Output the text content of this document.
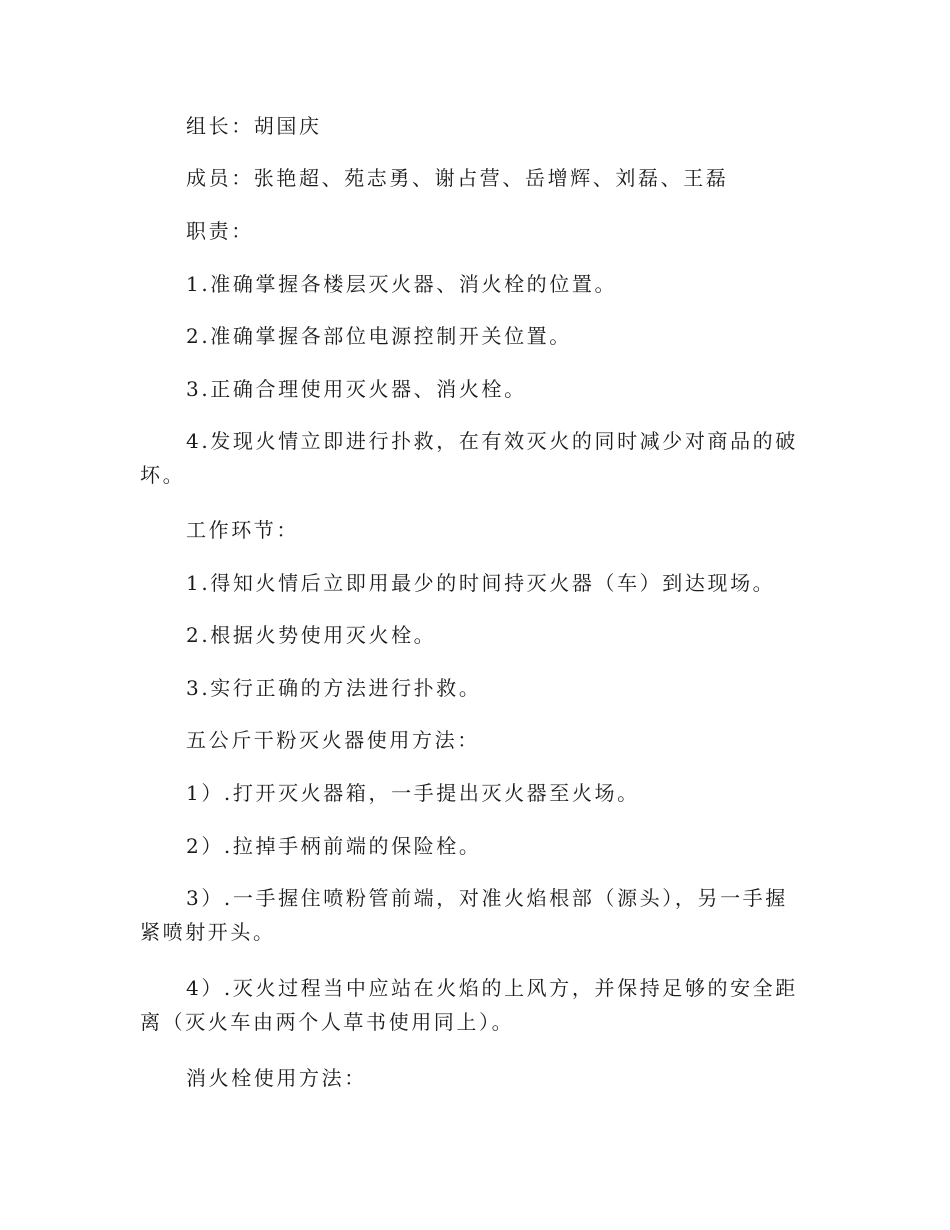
组长：胡国庆

成员：张艳超、苑志勇、谢占营、岳增辉、刘磊、王磊

职责：

1.准确掌握各楼层灭火器、消火栓的位置。

2.准确掌握各部位电源控制开关位置。

3.正确合理使用灭火器、消火栓。

4.发现火情立即进行扑救，在有效灭火的同时减少对商品的破坏。

工作环节：

1.得知火情后立即用最少的时间持灭火器（车）到达现场。

2.根据火势使用灭火栓。

3.实行正确的方法进行扑救。

五公斤干粉灭火器使用方法：

1）.打开灭火器箱，一手提出灭火器至火场。

2）.拉掉手柄前端的保险栓。

3）.一手握住喷粉管前端，对准火焰根部（源头），另一手握紧喷射开头。

4）.灭火过程当中应站在火焰的上风方，并保持足够的安全距离（灭火车由两个人草书使用同上）。

消火栓使用方法：
